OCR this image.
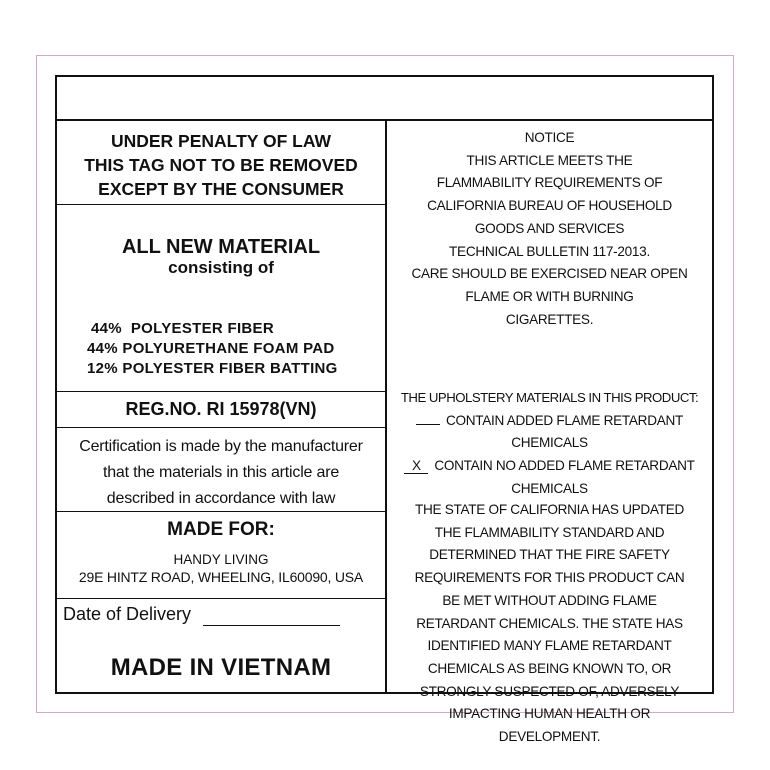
UNDER PENALTY OF LAW
THIS TAG NOT TO BE REMOVED
EXCEPT BY THE CONSUMER
ALL NEW MATERIAL
consisting of
44%  POLYESTER FIBER
44% POLYURETHANE FOAM PAD
12% POLYESTER FIBER BATTING
REG.NO. RI 15978(VN)
Certification is made by the manufacturer
that the materials in this article are
described in accordance with law
MADE FOR:
HANDY LIVING
29E HINTZ ROAD, WHEELING, IL60090, USA
Date of Delivery
MADE IN VIETNAM
NOTICE
THIS ARTICLE MEETS THE
FLAMMABILITY REQUIREMENTS OF
CALIFORNIA BUREAU OF HOUSEHOLD
GOODS AND SERVICES
TECHNICAL BULLETIN 117-2013.
CARE SHOULD BE EXERCISED NEAR OPEN
FLAME OR WITH BURNING
CIGARETTES.
THE UPHOLSTERY MATERIALS IN THIS PRODUCT:
CONTAIN ADDED FLAME RETARDANT
CHEMICALS
X CONTAIN NO ADDED FLAME RETARDANT
CHEMICALS
THE STATE OF CALIFORNIA HAS UPDATED
THE FLAMMABILITY STANDARD AND
DETERMINED THAT THE FIRE SAFETY
REQUIREMENTS FOR THIS PRODUCT CAN
BE MET WITHOUT ADDING FLAME
RETARDANT CHEMICALS. THE STATE HAS
IDENTIFIED MANY FLAME RETARDANT
CHEMICALS AS BEING KNOWN TO, OR
STRONGLY SUSPECTED OF, ADVERSELY
IMPACTING HUMAN HEALTH OR
DEVELOPMENT.
